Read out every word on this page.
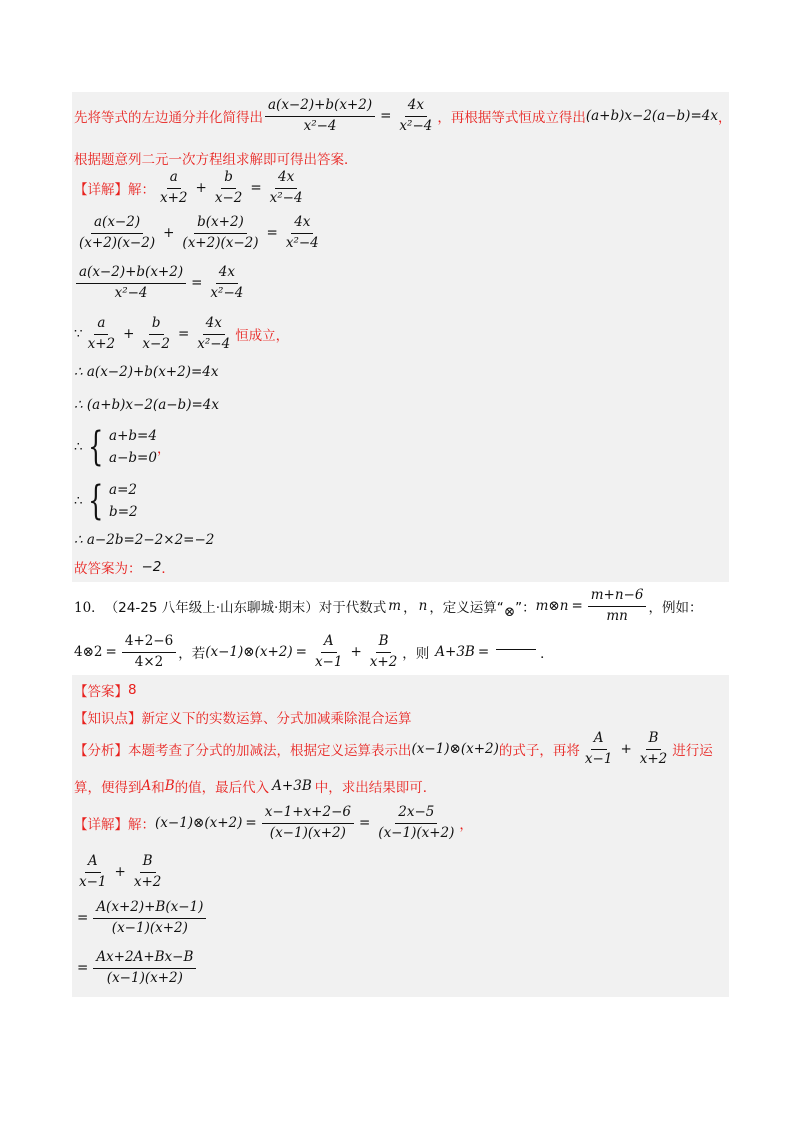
先将等式的左边通分并化简得出 $\frac{a(x-2)+b(x+2)}{\text{x²−4}} = \frac{4x}{\text{x²−4}}$ ，再根据等式恒成立得出 (a+b)x−2(a−b)=4x ，
根据题意列二元一次方程组求解即可得出答案．
【详解】解： $\frac{a}{x+2} + \frac{b}{x-2} = \frac{4x}{\text{x²−4}}$
$\frac{a(x-2)}{(x+2)(x-2)} + \frac{b(x+2)}{(x+2)(x-2)} = \frac{4x}{\text{x²−4}}$
$\frac{a(x-2)+b(x+2)}{\text{x²−4}} = \frac{4x}{\text{x²−4}}$
∵ $\frac{a}{x+2} + \frac{b}{x-2} = \frac{4x}{\text{x²−4}}$ 恒成立，
∴ a(x−2)+b(x+2)=4x
∴ (a+b)x−2(a−b)=4x
∴ { a+b=4
a−b=0
，
∴ { a=2
b=2
∴ a−2b=2−2×2=−2
故答案为： −2 ．
10． （24-25 八年级上·山东聊城·期末） 对于代数式 m ， n ，定义运算“ ⊗ ”： m⊗n = $\frac{m+n-6}{mn}$ ，例如：
4⊗2 = $\frac{4+2-6}{4\times 2}$ ，若 (x−1)⊗(x+2) = $\frac{A}{x-1} + \frac{B}{x+2}$ ，则 A+3B =	．
【答案】 8
【知识点】 新定义下的实数运算、分式加减乘除混合运算
【分析】 本题考查了分式的加减法，根据定义运算表示出 (x−1)⊗(x+2) 的式子，再将 $\frac{A}{x-1} + \frac{B}{x+2}$ 进行运
算，便得到 A 和 B 的值，最后代入 A+3B 中，求出结果即可．
【详解】解： (x−1)⊗(x+2) = $\frac{x-1+x+2-6}{(x-1)(x+2)} = \frac{2x-5}{(x-1)(x+2)}$ ，
$\frac{A}{x-1} + \frac{B}{x+2}$
= $\frac{A(x+2)+B(x-1)}{(x-1)(x+2)}$
= $\frac{Ax+2A+Bx-B}{(x-1)(x+2)}$
